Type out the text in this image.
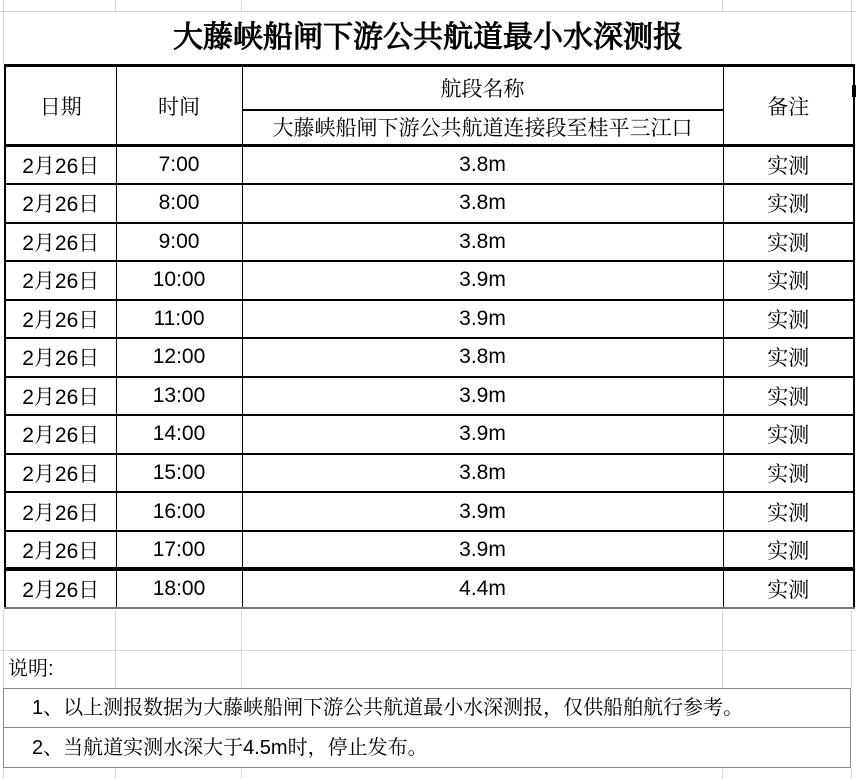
大藤峡船闸下游公共航道最小水深测报
日期	时间	航段名称	备注
		大藤峡船闸下游公共航道连接段至桂平三江口	
2月26日	7:00	3.8m	实测
2月26日	8:00	3.8m	实测
2月26日	9:00	3.8m	实测
2月26日	10:00	3.9m	实测
2月26日	11:00	3.9m	实测
2月26日	12:00	3.8m	实测
2月26日	13:00	3.9m	实测
2月26日	14:00	3.9m	实测
2月26日	15:00	3.8m	实测
2月26日	16:00	3.9m	实测
2月26日	17:00	3.9m	实测
2月26日	18:00	4.4m	实测
说明:
1、以上测报数据为大藤峡船闸下游公共航道最小水深测报，仅供船舶航行参考。
2、当航道实测水深大于4.5m时，停止发布。
